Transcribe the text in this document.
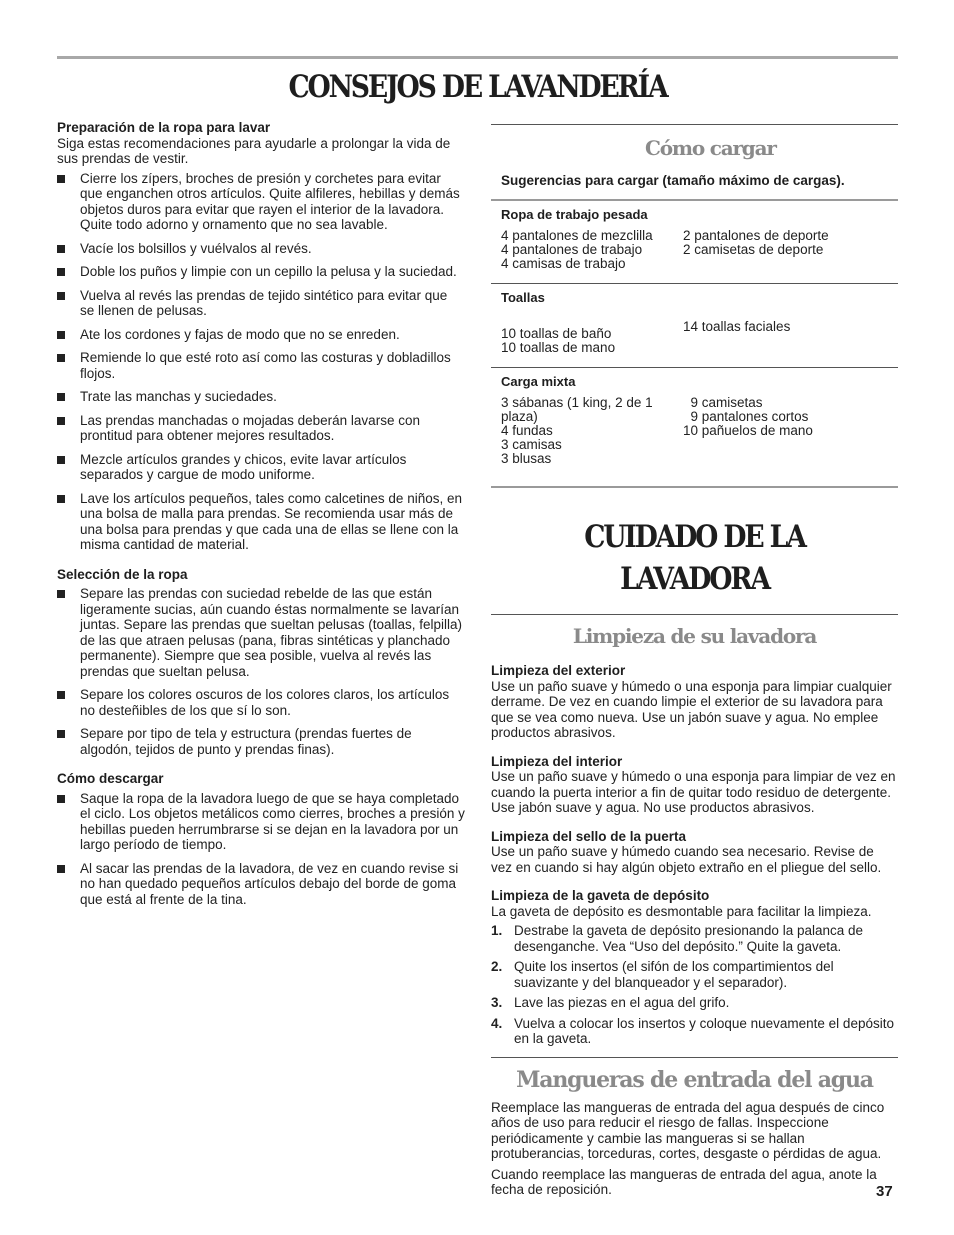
CONSEJOS DE LAVANDERÍA
Preparación de la ropa para lavar

Siga estas recomendaciones para ayudarle a prolongar la vida de sus prendas de vestir.

Cierre los zípers, broches de presión y corchetes para evitar que enganchen otros artículos. Quite alfileres, hebillas y demás objetos duros para evitar que rayen el interior de la lavadora. Quite todo adorno y ornamento que no sea lavable.
Vacíe los bolsillos y vuélvalos al revés.
Doble los puños y limpie con un cepillo la pelusa y la suciedad.
Vuelva al revés las prendas de tejido sintético para evitar que se llenen de pelusas.
Ate los cordones y fajas de modo que no se enreden.
Remiende lo que esté roto así como las costuras y dobladillos flojos.
Trate las manchas y suciedades.
Las prendas manchadas o mojadas deberán lavarse con prontitud para obtener mejores resultados.
Mezcle artículos grandes y chicos, evite lavar artículos separados y cargue de modo uniforme.
Lave los artículos pequeños, tales como calcetines de niños, en una bolsa de malla para prendas. Se recomienda usar más de una bolsa para prendas y que cada una de ellas se llene con la misma cantidad de material.
Selección de la ropa
Separe las prendas con suciedad rebelde de las que están ligeramente sucias, aún cuando éstas normalmente se lavarían juntas. Separe las prendas que sueltan pelusas (toallas, felpilla) de las que atraen pelusas (pana, fibras sintéticas y planchado permanente). Siempre que sea posible, vuelva al revés las prendas que sueltan pelusa.
Separe los colores oscuros de los colores claros, los artículos no desteñibles de los que sí lo son.
Separe por tipo de tela y estructura (prendas fuertes de algodón, tejidos de punto y prendas finas).
Cómo descargar
Saque la ropa de la lavadora luego de que se haya completado el ciclo. Los objetos metálicos como cierres, broches a presión y hebillas pueden herrumbrarse si se dejan en la lavadora por un largo período de tiempo.
Al sacar las prendas de la lavadora, de vez en cuando revise si no han quedado pequeños artículos debajo del borde de goma que está al frente de la tina.
Cómo cargar
Sugerencias para cargar (tamaño máximo de cargas).
Ropa de trabajo pesada
4 pantalones de mezclilla
4 pantalones de trabajo
4 camisas de trabajo
2 pantalones de deporte
2 camisetas de deporte
Toallas
10 toallas de baño
10 toallas de mano
14 toallas faciales
Carga mixta
3 sábanas (1 king, 2 de 1
plaza)
4 fundas
3 camisas
3 blusas
9 camisetas
9 pantalones cortos
10 pañuelos de mano
CUIDADO DE LA LAVADORA
Limpieza de su lavadora
Limpieza del exterior

Use un paño suave y húmedo o una esponja para limpiar cualquier derrame. De vez en cuando limpie el exterior de su lavadora para que se vea como nueva. Use un jabón suave y agua. No emplee productos abrasivos.

Limpieza del interior

Use un paño suave y húmedo o una esponja para limpiar de vez en cuando la puerta interior a fin de quitar todo residuo de detergente. Use jabón suave y agua. No use productos abrasivos.

Limpieza del sello de la puerta

Use un paño suave y húmedo cuando sea necesario. Revise de vez en cuando si hay algún objeto extraño en el pliegue del sello.

Limpieza de la gaveta de depósito

La gaveta de depósito es desmontable para facilitar la limpieza.

1. Destrabe la gaveta de depósito presionando la palanca de desenganche. Vea “Uso del depósito.” Quite la gaveta.
2. Quite los insertos (el sifón de los compartimientos del suavizante y del blanqueador y el separador).
3. Lave las piezas en el agua del grifo.
4. Vuelva a colocar los insertos y coloque nuevamente el depósito en la gaveta.
Mangueras de entrada del agua

Reemplace las mangueras de entrada del agua después de cinco años de uso para reducir el riesgo de fallas. Inspeccione periódicamente y cambie las mangueras si se hallan protuberancias, torceduras, cortes, desgaste o pérdidas de agua.

Cuando reemplace las mangueras de entrada del agua, anote la fecha de reposición.	37
